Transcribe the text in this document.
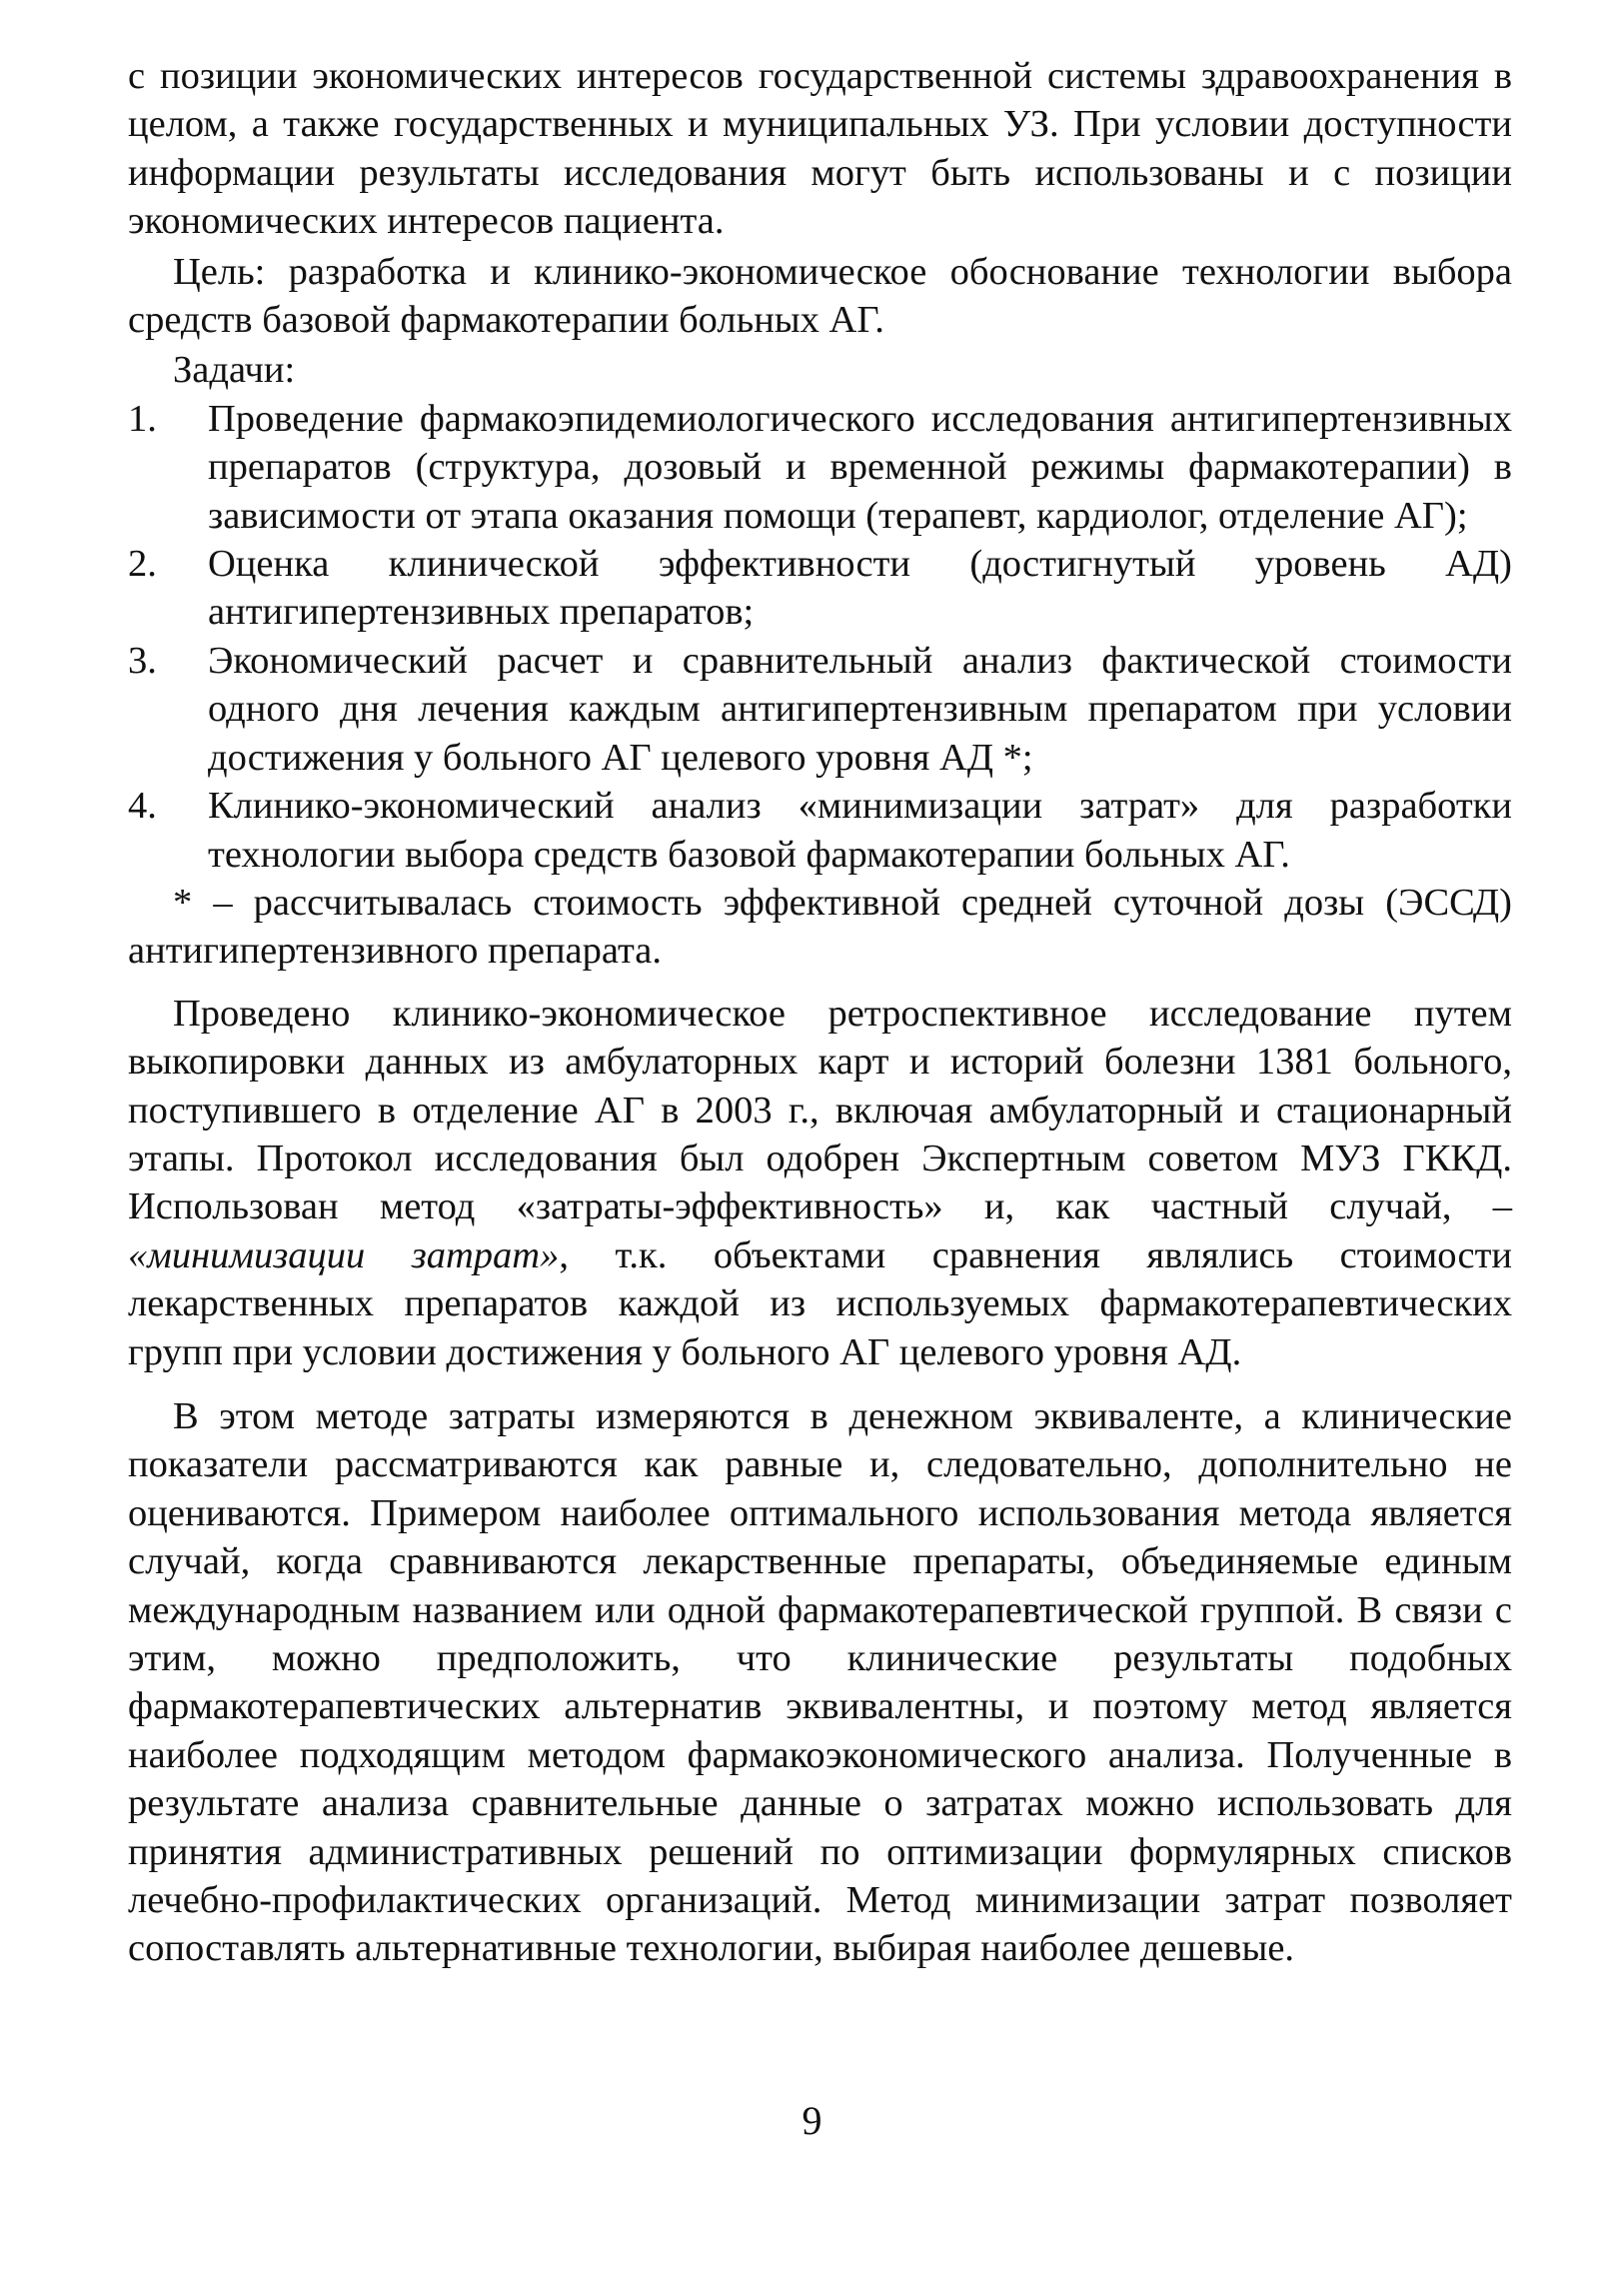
с позиции экономических интересов государственной системы здравоохранения в целом, а также государственных и муниципальных УЗ. При условии доступности информации результаты исследования могут быть использованы и с позиции экономических интересов пациента.

Цель: разработка и клинико-экономическое обоснование технологии выбора средств базовой фармакотерапии больных АГ.

Задачи:

1.	Проведение фармакоэпидемиологического исследования антигипертензивных препаратов (структура, дозовый и временной режимы фармакотерапии) в зависимости от этапа оказания помощи (терапевт, кардиолог, отделение АГ);
2.	Оценка клинической эффективности (достигнутый уровень АД) антигипертензивных препаратов;
3.	Экономический расчет и сравнительный анализ фактической стоимости одного дня лечения каждым антигипертензивным препаратом при условии достижения у больного АГ целевого уровня АД *;
4.	Клинико-экономический анализ «минимизации затрат» для разработки технологии выбора средств базовой фармакотерапии больных АГ.

* – рассчитывалась стоимость эффективной средней суточной дозы (ЭССД) антигипертензивного препарата.

Проведено клинико-экономическое ретроспективное исследование путем выкопировки данных из амбулаторных карт и историй болезни 1381 больного, поступившего в отделение АГ в 2003 г., включая амбулаторный и стационарный этапы. Протокол исследования был одобрен Экспертным советом МУЗ ГККД. Использован метод «затраты-эффективность» и, как частный случай, – «минимизации затрат», т.к. объектами сравнения являлись стоимости лекарственных препаратов каждой из используемых фармакотерапевтических групп при условии достижения у больного АГ целевого уровня АД.

В этом методе затраты измеряются в денежном эквиваленте, а клинические показатели рассматриваются как равные и, следовательно, дополнительно не оцениваются. Примером наиболее оптимального использования метода является случай, когда сравниваются лекарственные препараты, объединяемые единым международным названием или одной фармакотерапевтической группой. В связи с этим, можно предположить, что клинические результаты подобных фармакотерапевтических альтернатив эквивалентны, и поэтому метод является наиболее подходящим методом фармакоэкономического анализа. Полученные в результате анализа сравнительные данные о затратах можно использовать для принятия административных решений по оптимизации формулярных списков лечебно-профилактических организаций. Метод минимизации затрат позволяет сопоставлять альтернативные технологии, выбирая наиболее дешевые.

9
